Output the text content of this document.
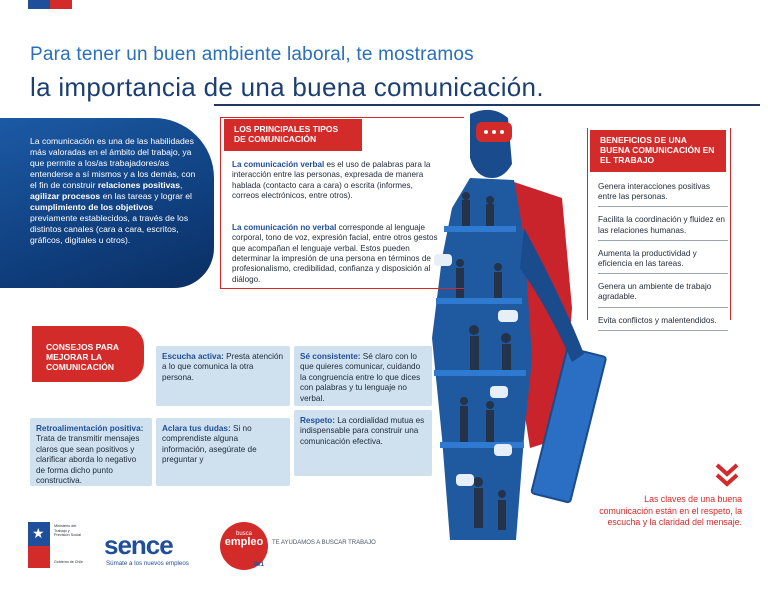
Para tener un buen ambiente laboral, te mostramos
la importancia de una buena comunicación.
La comunicación es una de las habilidades más valoradas en el ámbito del trabajo, ya que permite a los/as trabajadores/as entenderse a sí mismos y a los demás, con el fin de construir relaciones positivas, agilizar procesos en las tareas y lograr el cumplimiento de los objetivos previamente establecidos, a través de los distintos canales (cara a cara, escritos, gráficos, digitales u otros).
LOS PRINCIPALES TIPOS DE COMUNICACIÓN

La comunicación verbal es el uso de palabras para la interacción entre las personas, expresada de manera hablada (contacto cara a cara) o escrita (informes, correos electrónicos, entre otros).

La comunicación no verbal corresponde al lenguaje corporal, tono de voz, expresión facial, entre otros gestos que acompañan el lenguaje verbal. Estos pueden determinar la impresión de una persona en términos de profesionalismo, credibilidad, confianza y disposición al diálogo.

BENEFICIOS DE UNA BUENA COMUNICACIÓN EN EL TRABAJO
Genera interacciones positivas entre las personas.
Facilita la coordinación y fluidez en las relaciones humanas.
Aumenta la productividad y eficiencia en las tareas.
Genera un ambiente de trabajo agradable.
Evita conflictos y malentendidos.
CONSEJOS PARA MEJORAR LA COMUNICACIÓN
Escucha activa: Presta atención a lo que comunica la otra persona.
Sé consistente: Sé claro con lo que quieres comunicar, cuidando la congruencia entre lo que dices con palabras y tu lenguaje no verbal.
Retroalimentación positiva: Trata de transmitir mensajes claros que sean positivos y clarificar aborda lo negativo de forma dicho punto constructiva.
Aclara tus dudas: Si no comprendiste alguna información, asegúrate de preguntar y
Respeto: La cordialidad mutua es indispensable para construir una comunicación efectiva.
Las claves de una buena comunicación están en el respeto, la escucha y la claridad del mensaje.
★ Ministerio del Trabajo y Previsión Social
Gobierno de Chile
sence
Súmate a los nuevos empleos
busca
empleo	TE AYUDAMOS A BUSCAR TRABAJO
0x1
